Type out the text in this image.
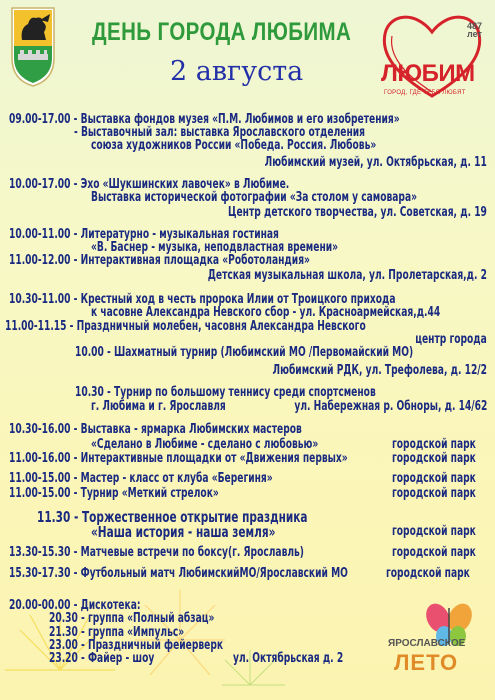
ДЕНЬ ГОРОДА ЛЮБИМА
2 августа
487
лет
ЛЮБИМ
ГОРОД, ГДЕ ТЕБЯ ЛЮБЯТ
ЯРОСЛАВСКОЕ
ЛЕТО
09.00-17.00 - Выставка фондов музея «П.М. Любимов и его изобретения»
- Выставочный зал: выставка Ярославского отделения
союза художников России «Победа. Россия. Любовь»
Любимский музей, ул. Октябрьская, д. 11
10.00-17.00 - Эхо «Шукшинских лавочек» в Любиме.
Выставка исторической фотографии «За столом у самовара»
Центр детского творчества, ул. Советская, д. 19
10.00-11.00 - Литературно - музыкальная гостиная
«В. Баснер - музыка, неподвластная времени»
11.00-12.00 - Интерактивная площадка «Роботоландия»
Детская музыкальная школа, ул. Пролетарская,д. 2
10.30-11.00 - Крестный ход в честь пророка Илии от Троицкого прихода
к часовне Александра Невского сбор - ул. Красноармейская,д.44
11.00-11.15 - Праздничный молебен, часовня Александра Невского
центр города
10.00 - Шахматный турнир (Любимский МО /Первомайский МО)
Любимский РДК, ул. Трефолева, д. 12/2
10.30 - Турнир по большому теннису среди спортсменов
г. Любима и г. Ярославля	ул. Набережная р. Обноры, д. 14/62
10.30-16.00 - Выставка - ярмарка Любимских мастеров
«Сделано в Любиме - сделано с любовью»	городской парк
11.00-16.00 - Интерактивные площадки от «Движения первых»	городской парк
11.00-15.00 - Мастер - класс от клуба «Берегиня»	городской парк
11.00-15.00 - Турнир «Меткий стрелок»	городской парк
11.30 - Торжественное открытие праздника
«Наша история - наша земля»	городской парк
13.30-15.30 - Матчевые встречи по боксу(г. Ярославль)	городской парк
15.30-17.30 - Футбольный матч ЛюбимскийМО/Ярославский МО	городской парк
20.00-00.00 - Дискотека:
20.30 - группа «Полный абзац»
21.30 - группа «Импульс»
23.00 - Праздничный фейерверк
23.20 - Файер - шоу	ул. Октябрьская д. 2
